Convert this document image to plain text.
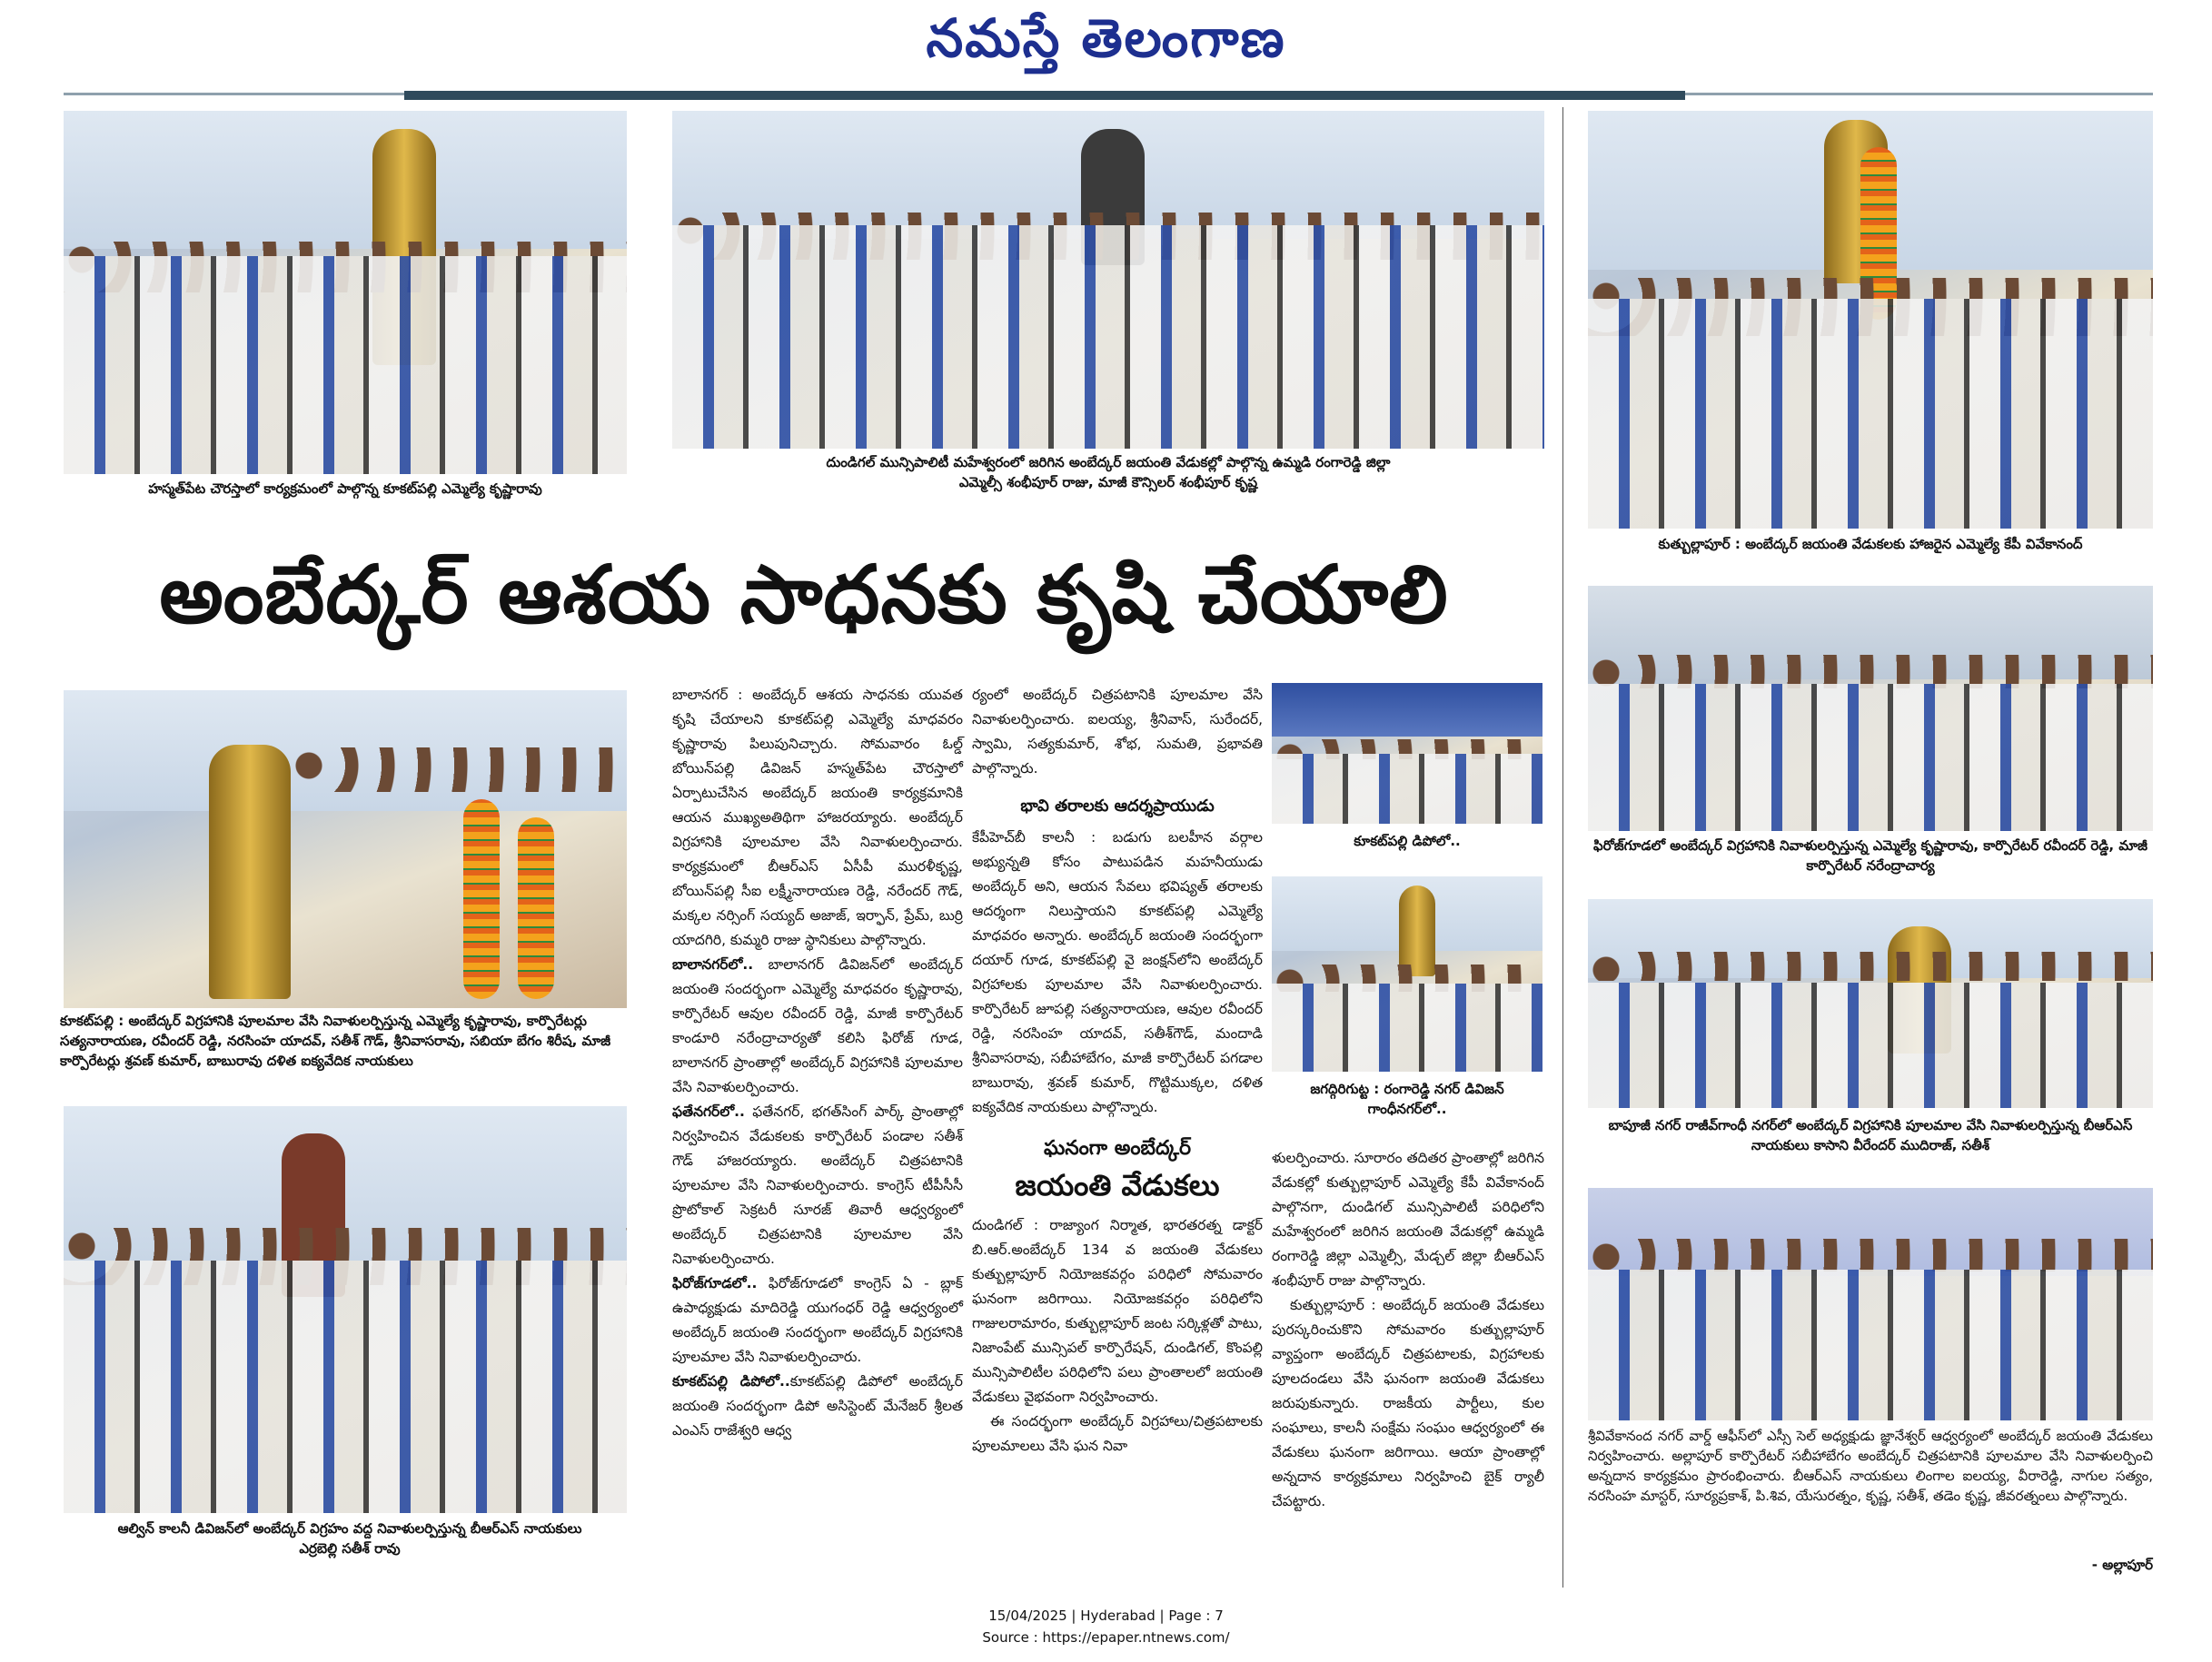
నమస్తే తెలంగాణ
హస్మత్‌పేట చౌరస్తాలో కార్యక్రమంలో పాల్గొన్న కూకట్‌పల్లి ఎమ్మెల్యే కృష్ణారావు
దుండిగల్ మున్సిపాలిటీ మహేశ్వరంలో జరిగిన అంబేద్కర్ జయంతి వేడుకల్లో పాల్గొన్న ఉమ్మడి రంగారెడ్డి జిల్లా ఎమ్మెల్సీ శంభీపూర్ రాజు, మాజీ కౌన్సిలర్ శంభీపూర్ కృష్ణ
కుత్బుల్లాపూర్ : అంబేద్కర్ జయంతి వేడుకలకు హాజరైన ఎమ్మెల్యే కేపీ వివేకానంద్
అంబేద్కర్ ఆశయ సాధనకు కృషి చేయాలి
కూకట్‌పల్లి : అంబేద్కర్ విగ్రహానికి పూలమాల వేసి నివాళులర్పిస్తున్న ఎమ్మెల్యే కృష్ణారావు, కార్పొరేటర్లు సత్యనారాయణ, రవీందర్ రెడ్డి, నరసింహ యాదవ్, సతీశ్ గౌడ్, శ్రీనివాసరావు, సబియా బేగం శిరీష, మాజీ కార్పొరేటర్లు శ్రవణ్ కుమార్, బాబురావు దళిత ఐక్యవేదిక నాయకులు
ఆల్విన్ కాలనీ డివిజన్‌లో అంబేద్కర్ విగ్రహం వద్ద నివాళులర్పిస్తున్న బీఆర్‌ఎస్ నాయకులు ఎర్రబెల్లి సతీశ్ రావు

బాలానగర్ : అంబేద్కర్ ఆశయ సాధనకు యువత కృషి చేయాలని కూకట్‌పల్లి ఎమ్మెల్యే మాధవరం కృష్ణారావు పిలుపునిచ్చారు. సోమవారం ఓల్డ్ బోయిన్‌పల్లి డివిజన్ హస్మత్‌పేట చౌరస్తాలో ఏర్పాటుచేసిన అంబేద్కర్ జయంతి కార్యక్రమానికి ఆయన ముఖ్యఅతిథిగా హాజరయ్యారు. అంబేద్కర్ విగ్రహానికి పూలమాల వేసి నివాళులర్పించారు. కార్యక్రమంలో బీఆర్‌ఎస్ ఏసీపీ మురళీకృష్ణ, బోయిన్‌పల్లి సీఐ లక్ష్మీనారాయణ రెడ్డి, నరేందర్ గౌడ్, మక్కల నర్సింగ్ సయ్యద్ అజాజ్, ఇర్ఫాన్, ప్రేమ్, బుర్రి యాదగిరి, కుమ్మరి రాజు స్థానికులు పాల్గొన్నారు.

బాలానగర్‌లో.. బాలానగర్ డివిజన్‌లో అంబేద్కర్ జయంతి సందర్భంగా ఎమ్మెల్యే మాధవరం కృష్ణారావు, కార్పొరేటర్ ఆవుల రవీందర్ రెడ్డి, మాజీ కార్పొరేటర్ కాండూరి నరేంద్రాచార్యతో కలిసి ఫిరోజ్ గూడ, బాలానగర్ ప్రాంతాల్లో అంబేద్కర్ విగ్రహానికి పూలమాల వేసి నివాళులర్పించారు.

ఫతేనగర్‌లో.. ఫతేనగర్, భగత్‌సింగ్ పార్క్ ప్రాంతాల్లో నిర్వహించిన వేడుకలకు కార్పొరేటర్ పండాల సతీశ్ గౌడ్ హాజరయ్యారు. అంబేద్కర్ చిత్రపటానికి పూలమాల వేసి నివాళులర్పించారు. కాంగ్రెస్ టీపీసీసీ ప్రొటోకాల్ సెక్రటరీ సూరజ్ తివారీ ఆధ్వర్యంలో అంబేద్కర్ చిత్రపటానికి పూలమాల వేసి నివాళులర్పించారు.

ఫిరోజ్‌గూడలో.. ఫిరోజ్‌గూడలో కాంగ్రెస్ ఏ - బ్లాక్ ఉపాధ్యక్షుడు మాదిరెడ్డి యుగంధర్ రెడ్డి ఆధ్వర్యంలో అంబేద్కర్ జయంతి సందర్భంగా అంబేద్కర్ విగ్రహానికి పూలమాల వేసి నివాళులర్పించారు.

కూకట్‌పల్లి డిపోలో..కూకట్‌పల్లి డిపోలో అంబేద్కర్ జయంతి సందర్భంగా డిపో అసిస్టెంట్ మేనేజర్ శ్రీలత ఎంఎస్ రాజేశ్వరి ఆధ్వ

ర్యంలో అంబేద్కర్ చిత్రపటానికి పూలమాల వేసి నివాళులర్పించారు. ఐలయ్య, శ్రీనివాస్, సురేందర్, స్వామి, సత్యకుమార్, శోభ, సుమతి, ప్రభావతి పాల్గొన్నారు.

భావి తరాలకు ఆదర్శప్రాయుడు

కేపీహెచ్‌బీ కాలనీ : బడుగు బలహీన వర్గాల అభ్యున్నతి కోసం పాటుపడిన మహనీయుడు అంబేద్కర్ అని, ఆయన సేవలు భవిష్యత్ తరాలకు ఆదర్శంగా నిలుస్తాయని కూకట్‌పల్లి ఎమ్మెల్యే మాధవరం అన్నారు. అంబేద్కర్ జయంతి సందర్భంగా దయార్ గూడ, కూకట్‌పల్లి వై జంక్షన్‌లోని అంబేద్కర్ విగ్రహాలకు పూలమాల వేసి నివాళులర్పించారు. కార్పొరేటర్ జూపల్లి సత్యనారాయణ, ఆవుల రవీందర్ రెడ్డి, నరసింహ యాదవ్, సతీశ్‌గౌడ్, మందాడి శ్రీనివాసరావు, సబీహాబేగం, మాజీ కార్పొరేటర్ పగడాల బాబురావు, శ్రవణ్ కుమార్, గొట్టిముక్కల, దళిత ఐక్యవేదిక నాయకులు పాల్గొన్నారు.

ఘనంగా అంబేద్కర్

జయంతి వేడుకలు

దుండిగల్ : రాజ్యాంగ నిర్మాత, భారతరత్న డాక్టర్ బి.ఆర్.అంబేద్కర్ 134 వ జయంతి వేడుకలు కుత్బుల్లాపూర్ నియోజకవర్గం పరిధిలో సోమవారం ఘనంగా జరిగాయి. నియోజకవర్గం పరిధిలోని గాజులరామారం, కుత్బుల్లాపూర్ జంట సర్కిళ్లతో పాటు, నిజాంపేట్ మున్సిపల్ కార్పొరేషన్, దుండిగల్, కొంపల్లి మున్సిపాలిటీల పరిధిలోని పలు ప్రాంతాలలో జయంతి వేడుకలు వైభవంగా నిర్వహించారు.

ఈ సందర్భంగా అంబేద్కర్ విగ్రహాలు/చిత్రపటాలకు పూలమాలలు వేసి ఘన నివా

కూకట్‌పల్లి డిపోలో..
జగద్గిరిగుట్ట : రంగారెడ్డి నగర్ డివిజన్ గాంధీనగర్‌లో..

ళులర్పించారు. సూరారం తదితర ప్రాంతాల్లో జరిగిన వేడుకల్లో కుత్బుల్లాపూర్ ఎమ్మెల్యే కేపీ వివేకానంద్ పాల్గొనగా, దుండిగల్ మున్సిపాలిటీ పరిధిలోని మహేశ్వరంలో జరిగిన జయంతి వేడుకల్లో ఉమ్మడి రంగారెడ్డి జిల్లా ఎమ్మెల్సీ, మేడ్చల్ జిల్లా బీఆర్‌ఎస్ శంభీపూర్ రాజు పాల్గొన్నారు.

కుత్బుల్లాపూర్ : అంబేద్కర్ జయంతి వేడుకలు పురస్కరించుకొని సోమవారం కుత్బుల్లాపూర్ వ్యాప్తంగా అంబేద్కర్ చిత్రపటాలకు, విగ్రహాలకు పూలదండలు వేసి ఘనంగా జయంతి వేడుకలు జరుపుకున్నారు. రాజకీయ పార్టీలు, కుల సంఘాలు, కాలనీ సంక్షేమ సంఘం ఆధ్వర్యంలో ఈ వేడుకలు ఘనంగా జరిగాయి. ఆయా ప్రాంతాల్లో అన్నదాన కార్యక్రమాలు నిర్వహించి బైక్ ర్యాలీ చేపట్టారు.

ఫిరోజ్‌గూడలో అంబేద్కర్ విగ్రహానికి నివాళులర్పిస్తున్న ఎమ్మెల్యే కృష్ణారావు, కార్పొరేటర్ రవీందర్ రెడ్డి, మాజీ కార్పొరేటర్ నరేంద్రాచార్య
బాపూజీ నగర్ రాజీవ్‌గాంధీ నగర్‌లో అంబేద్కర్ విగ్రహానికి పూలమాల వేసి నివాళులర్పిస్తున్న బీఆర్‌ఎస్ నాయకులు కాసాని వీరేందర్ ముదిరాజ్, సతీశ్
శ్రీవివేకానంద నగర్ వార్డ్ ఆఫీస్‌లో ఎస్సీ సెల్ అధ్యక్షుడు జ్ఞానేశ్వర్ ఆధ్వర్యంలో అంబేద్కర్ జయంతి వేడుకలు నిర్వహించారు. అల్లాపూర్ కార్పొరేటర్ సబీహాబేగం అంబేద్కర్ చిత్రపటానికి పూలమాల వేసి నివాళులర్పించి అన్నదాన కార్యక్రమం ప్రారంభించారు. బీఆర్‌ఎస్ నాయకులు లింగాల ఐలయ్య, వీరారెడ్డి, నాగుల సత్యం, నరసింహ మాస్టర్, సూర్యప్రకాశ్, పి.శివ, యేసురత్నం, కృష్ణ, సతీశ్, తడెం కృష్ణ, జీవరత్నంలు పాల్గొన్నారు.
- అల్లాపూర్
15/04/2025 | Hyderabad | Page : 7
Source : https://epaper.ntnews.com/
